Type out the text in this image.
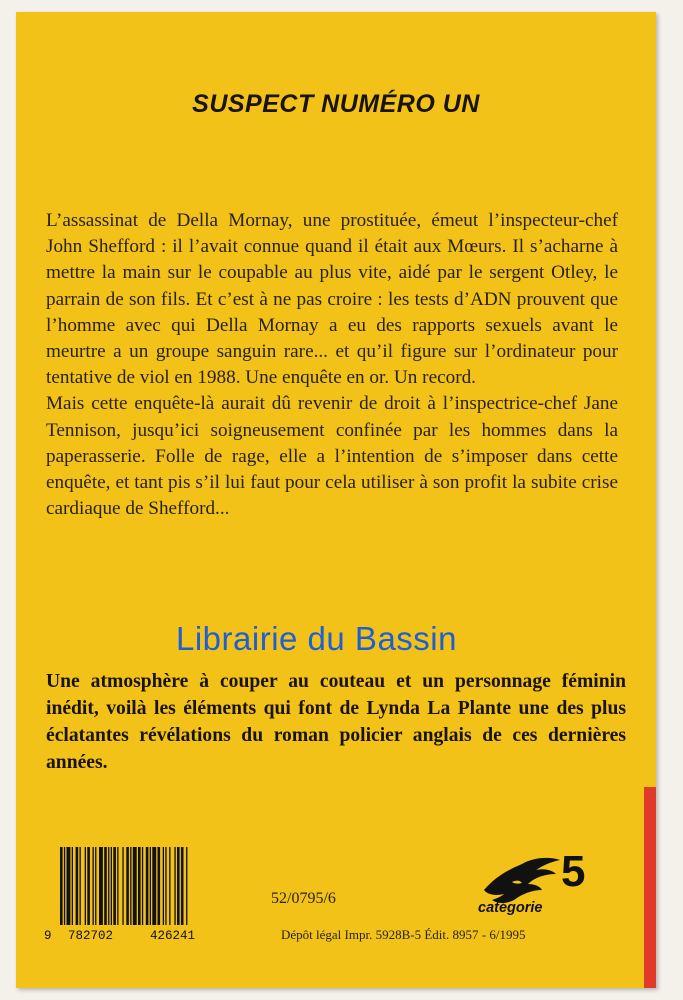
SUSPECT NUMÉRO UN

L’assassinat de Della Mornay, une prostituée, émeut l’inspecteur-chef John Shefford : il l’avait connue quand il était aux Mœurs. Il s’acharne à mettre la main sur le coupable au plus vite, aidé par le sergent Otley, le parrain de son fils. Et c’est à ne pas croire : les tests d’ADN prouvent que l’homme avec qui Della Mornay a eu des rapports sexuels avant le meurtre a un groupe sanguin rare... et qu’il figure sur l’ordinateur pour tentative de viol en 1988. Une enquête en or. Un record.

Mais cette enquête-là aurait dû revenir de droit à l’inspectrice-chef Jane Tennison, jusqu’ici soigneusement confinée par les hommes dans la paperasserie. Folle de rage, elle a l’intention de s’imposer dans cette enquête, et tant pis s’il lui faut pour cela utiliser à son profit la subite crise cardiaque de Shefford...

Une atmosphère à couper au couteau et un personnage féminin inédit, voilà les éléments qui font de Lynda La Plante une des plus éclatantes révélations du roman policier anglais de ces dernières années.
9 782702	426241
52/0795/6
Dépôt légal Impr. 5928B-5 Édit. 8957 - 6/1995
5
catégorie
Librairie du Bassin
